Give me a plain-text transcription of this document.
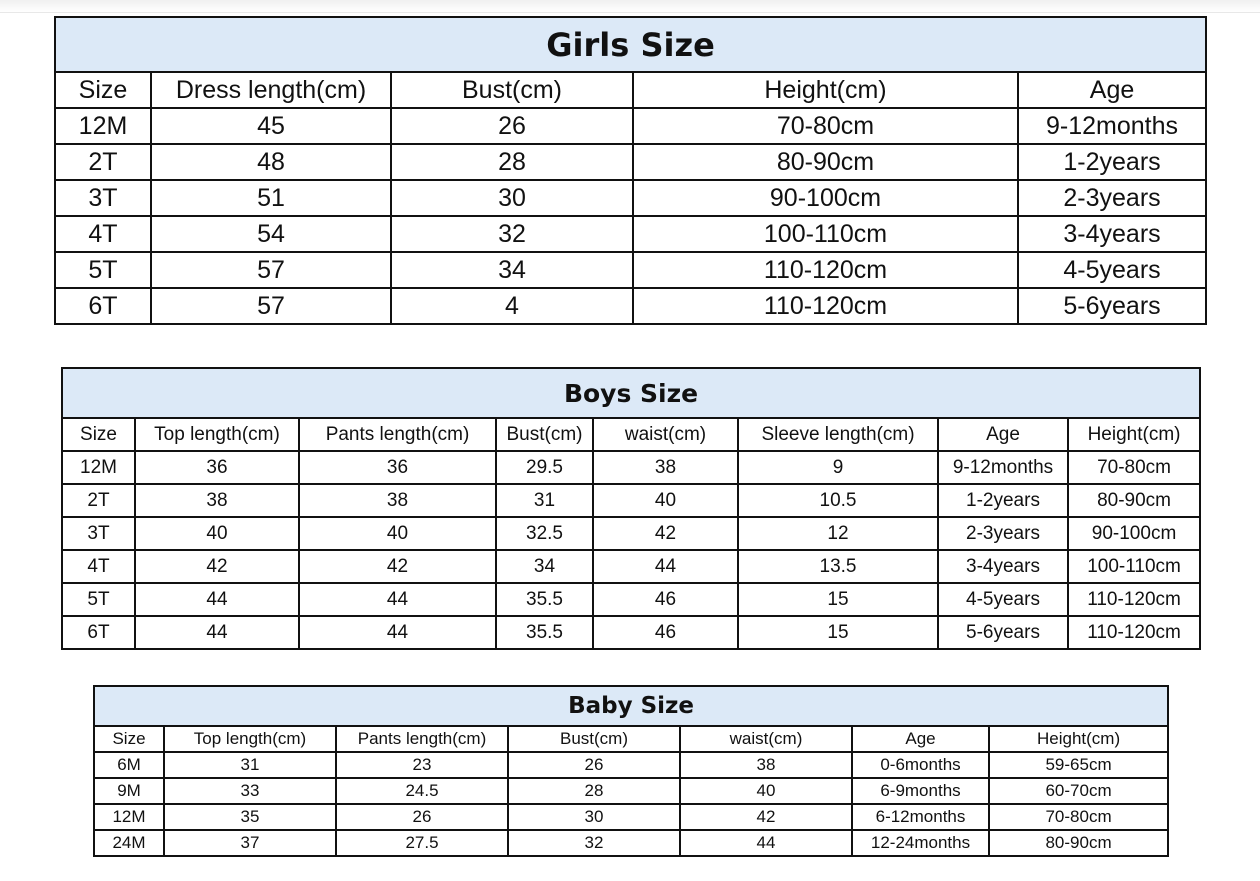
Girls Size				
Size	Dress length(cm)	Bust(cm)	Height(cm)	Age
12M	45	26	70-80cm	9-12months
2T	48	28	80-90cm	1-2years
3T	51	30	90-100cm	2-3years
4T	54	32	100-110cm	3-4years
5T	57	34	110-120cm	4-5years
6T	57	4	110-120cm	5-6years
Boys Size							
Size	Top length(cm)	Pants length(cm)	Bust(cm)	waist(cm)	Sleeve length(cm)	Age	Height(cm)
12M	36	36	29.5	38	9	9-12months	70-80cm
2T	38	38	31	40	10.5	1-2years	80-90cm
3T	40	40	32.5	42	12	2-3years	90-100cm
4T	42	42	34	44	13.5	3-4years	100-110cm
5T	44	44	35.5	46	15	4-5years	110-120cm
6T	44	44	35.5	46	15	5-6years	110-120cm
Baby Size						
Size	Top length(cm)	Pants length(cm)	Bust(cm)	waist(cm)	Age	Height(cm)
6M	31	23	26	38	0-6months	59-65cm
9M	33	24.5	28	40	6-9months	60-70cm
12M	35	26	30	42	6-12months	70-80cm
24M	37	27.5	32	44	12-24months	80-90cm
